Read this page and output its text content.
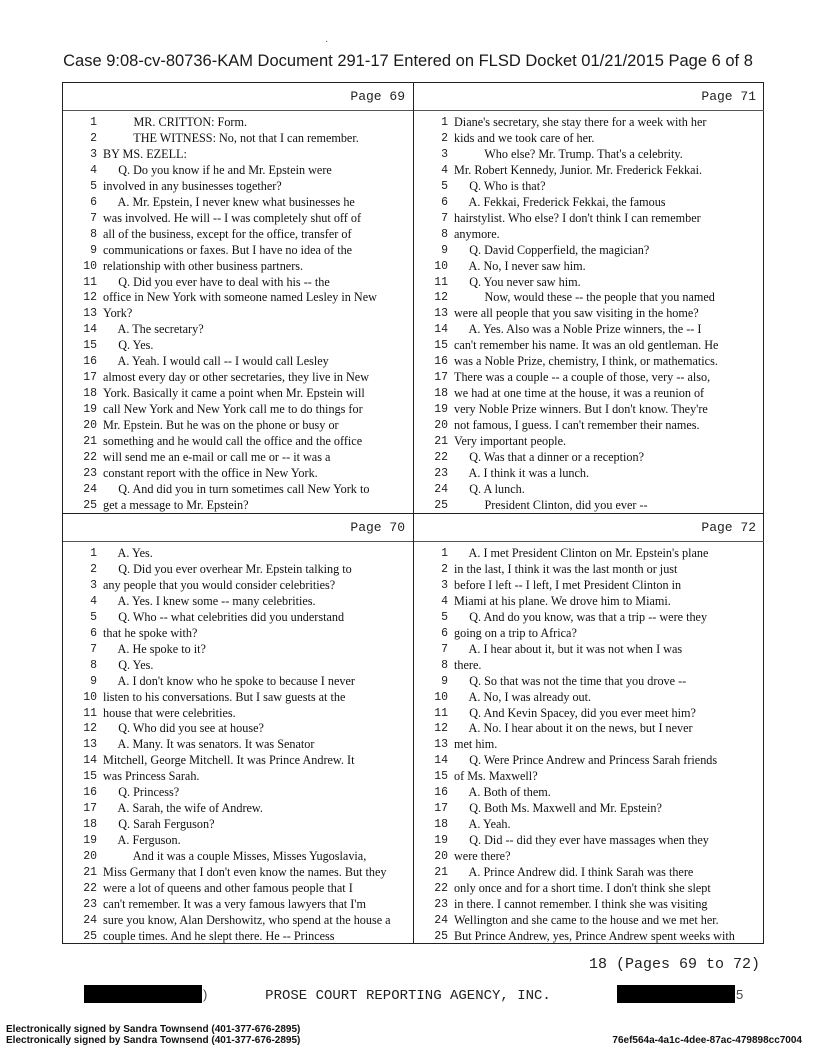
Case 9:08-cv-80736-KAM Document 291-17 Entered on FLSD Docket 01/21/2015 Page 6 of 8
·
Page 69
1 MR. CRITTON: Form.
2 THE WITNESS: No, not that I can remember.
3 BY MS. EZELL:
4 Q. Do you know if he and Mr. Epstein were
5 involved in any businesses together?
6 A. Mr. Epstein, I never knew what businesses he
7 was involved. He will -- I was completely shut off of
8 all of the business, except for the office, transfer of
9 communications or faxes. But I have no idea of the
10 relationship with other business partners.
11 Q. Did you ever have to deal with his -- the
12 office in New York with someone named Lesley in New
13 York?
14 A. The secretary?
15 Q. Yes.
16 A. Yeah. I would call -- I would call Lesley
17 almost every day or other secretaries, they live in New
18 York. Basically it came a point when Mr. Epstein will
19 call New York and New York call me to do things for
20 Mr. Epstein. But he was on the phone or busy or
21 something and he would call the office and the office
22 will send me an e-mail or call me or -- it was a
23 constant report with the office in New York.
24 Q. And did you in turn sometimes call New York to
25 get a message to Mr. Epstein?
Page 71
1 Diane's secretary, she stay there for a week with her
2 kids and we took care of her.
3 Who else? Mr. Trump. That's a celebrity.
4 Mr. Robert Kennedy, Junior. Mr. Frederick Fekkai.
5 Q. Who is that?
6 A. Fekkai, Frederick Fekkai, the famous
7 hairstylist. Who else? I don't think I can remember
8 anymore.
9 Q. David Copperfield, the magician?
10 A. No, I never saw him.
11 Q. You never saw him.
12 Now, would these -- the people that you named
13 were all people that you saw visiting in the home?
14 A. Yes. Also was a Noble Prize winners, the -- I
15 can't remember his name. It was an old gentleman. He
16 was a Noble Prize, chemistry, I think, or mathematics.
17 There was a couple -- a couple of those, very -- also,
18 we had at one time at the house, it was a reunion of
19 very Noble Prize winners. But I don't know. They're
20 not famous, I guess. I can't remember their names.
21 Very important people.
22 Q. Was that a dinner or a reception?
23 A. I think it was a lunch.
24 Q. A lunch.
25 President Clinton, did you ever --
Page 70
1 A. Yes.
2 Q. Did you ever overhear Mr. Epstein talking to
3 any people that you would consider celebrities?
4 A. Yes. I knew some -- many celebrities.
5 Q. Who -- what celebrities did you understand
6 that he spoke with?
7 A. He spoke to it?
8 Q. Yes.
9 A. I don't know who he spoke to because I never
10 listen to his conversations. But I saw guests at the
11 house that were celebrities.
12 Q. Who did you see at house?
13 A. Many. It was senators. It was Senator
14 Mitchell, George Mitchell. It was Prince Andrew. It
15 was Princess Sarah.
16 Q. Princess?
17 A. Sarah, the wife of Andrew.
18 Q. Sarah Ferguson?
19 A. Ferguson.
20 And it was a couple Misses, Misses Yugoslavia,
21 Miss Germany that I don't even know the names. But they
22 were a lot of queens and other famous people that I
23 can't remember. It was a very famous lawyers that I'm
24 sure you know, Alan Dershowitz, who spend at the house a
25 couple times. And he slept there. He -- Princess
Page 72
1 A. I met President Clinton on Mr. Epstein's plane
2 in the last, I think it was the last month or just
3 before I left -- I left, I met President Clinton in
4 Miami at his plane. We drove him to Miami.
5 Q. And do you know, was that a trip -- were they
6 going on a trip to Africa?
7 A. I hear about it, but it was not when I was
8 there.
9 Q. So that was not the time that you drove --
10 A. No, I was already out.
11 Q. And Kevin Spacey, did you ever meet him?
12 A. No. I hear about it on the news, but I never
13 met him.
14 Q. Were Prince Andrew and Princess Sarah friends
15 of Ms. Maxwell?
16 A. Both of them.
17 Q. Both Ms. Maxwell and Mr. Epstein?
18 A. Yeah.
19 Q. Did -- did they ever have massages when they
20 were there?
21 A. Prince Andrew did. I think Sarah was there
22 only once and for a short time. I don't think she slept
23 in there. I cannot remember. I think she was visiting
24 Wellington and she came to the house and we met her.
25 But Prince Andrew, yes, Prince Andrew spent weeks with
18 (Pages 69 to 72)
)	PROSE COURT REPORTING AGENCY, INC.	5
Electronically signed by Sandra Townsend (401-377-676-2895)
Electronically signed by Sandra Townsend (401-377-676-2895)	76ef564a-4a1c-4dee-87ac-479898cc7004
